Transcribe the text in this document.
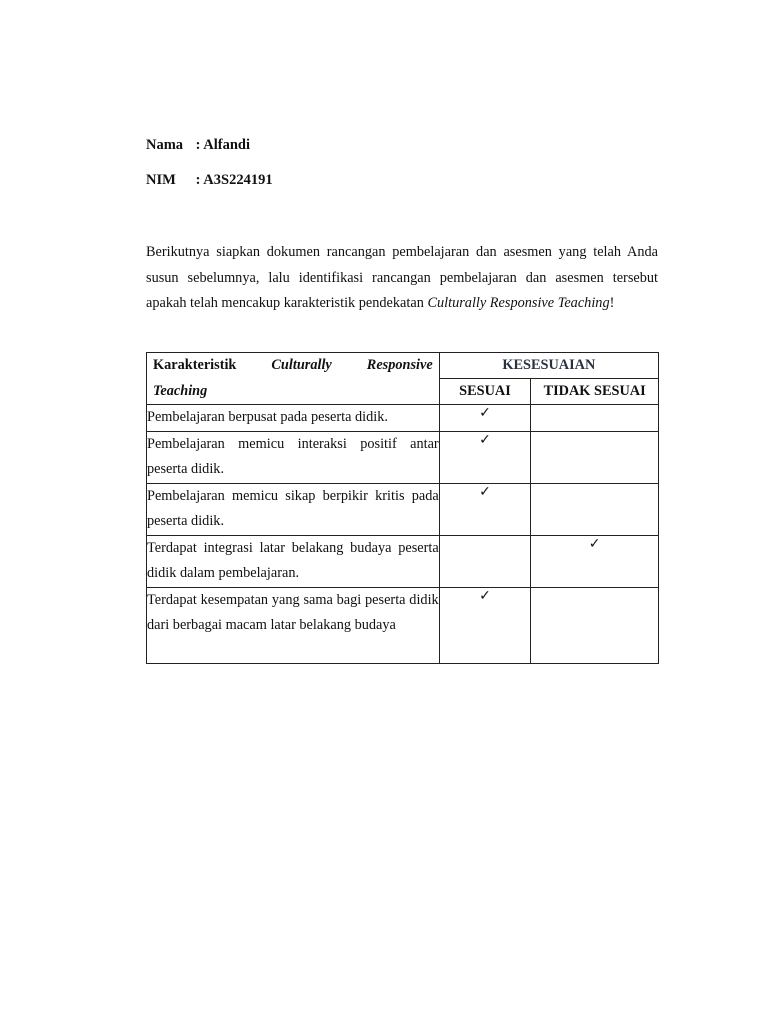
Nama : Alfandi
NIM : A3S224191

Berikutnya siapkan dokumen rancangan pembelajaran dan asesmen yang telah Anda susun sebelumnya, lalu identifikasi rancangan pembelajaran dan asesmen tersebut apakah telah mencakup karakteristik pendekatan Culturally Responsive Teaching!

Karakteristik Culturally Responsive
Teaching	KESESUAIAN	
	SESUAI	TIDAK SESUAI
Pembelajaran berpusat pada peserta didik.	✓	
Pembelajaran memicu interaksi positif antar peserta didik.	✓	
Pembelajaran memicu sikap berpikir kritis pada peserta didik.	✓	
Terdapat integrasi latar belakang budaya peserta didik dalam pembelajaran.		✓
Terdapat kesempatan yang sama bagi peserta didik dari berbagai macam latar belakang budaya	✓	
